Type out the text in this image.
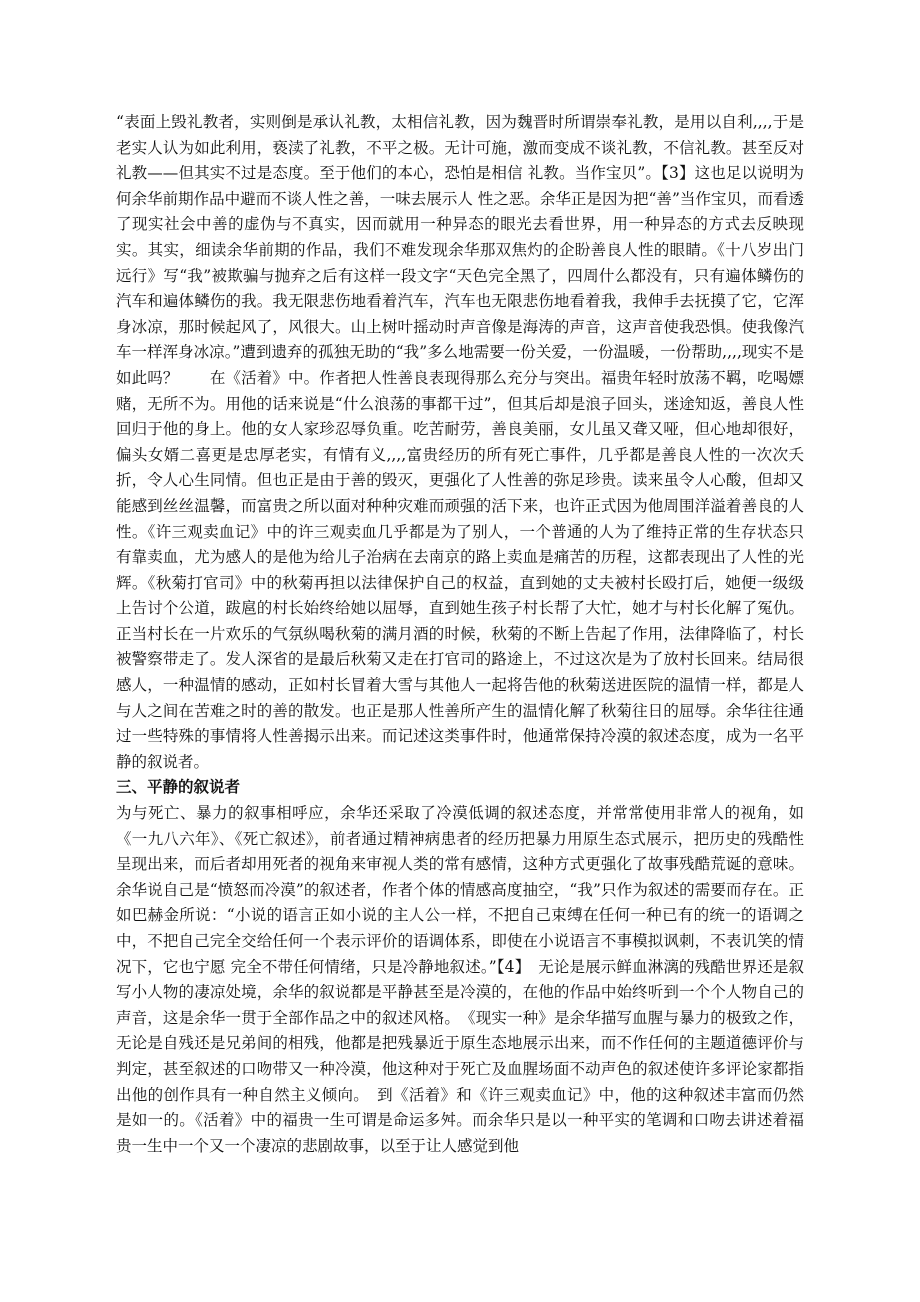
“表面上毁礼教者，实则倒是承认礼教，太相信礼教，因为魏晋时所谓崇奉礼教，是用以自利,,,,于是老实人认为如此利用，亵渎了礼教，不平之极。无计可施，激而变成不谈礼教，不信礼教。甚至反对礼教——但其实不过是态度。至于他们的本心，恐怕是相信 礼教。当作宝贝”。【3】这也足以说明为何余华前期作品中避而不谈人性之善，一味去展示人 性之恶。余华正是因为把“善”当作宝贝，而看透了现实社会中善的虚伪与不真实，因而就用一种异态的眼光去看世界，用一种异态的方式去反映现实。其实，细读余华前期的作品，我们不难发现余华那双焦灼的企盼善良人性的眼睛。《十八岁出门远行》写“我”被欺骗与抛弃之后有这样一段文字“天色完全黑了，四周什么都没有，只有遍体鳞伤的汽车和遍体鳞伤的我。我无限悲伤地看着汽车，汽车也无限悲伤地看着我，我伸手去抚摸了它，它浑身冰凉，那时候起风了，风很大。山上树叶摇动时声音像是海涛的声音，这声音使我恐惧。使我像汽车一样浑身冰凉。”遭到遗弃的孤独无助的“我”多么地需要一份关爱，一份温暖，一份帮助,,,,现实不是如此吗？　　在《活着》中。作者把人性善良表现得那么充分与突出。福贵年轻时放荡不羁，吃喝嫖赌，无所不为。用他的话来说是“什么浪荡的事都干过”，但其后却是浪子回头，迷途知返，善良人性回归于他的身上。他的女人家珍忍辱负重。吃苦耐劳，善良美丽，女儿虽又聋又哑，但心地却很好，偏头女婿二喜更是忠厚老实，有情有义,,,,富贵经历的所有死亡事件，几乎都是善良人性的一次次夭折，令人心生同情。但也正是由于善的毁灭，更强化了人性善的弥足珍贵。读来虽令人心酸，但却又能感到丝丝温馨，而富贵之所以面对种种灾难而顽强的活下来，也许正式因为他周围洋溢着善良的人性。《许三观卖血记》中的许三观卖血几乎都是为了别人，一个普通的人为了维持正常的生存状态只有靠卖血，尤为感人的是他为给儿子治病在去南京的路上卖血是痛苦的历程，这都表现出了人性的光辉。《秋菊打官司》中的秋菊再担以法律保护自己的权益，直到她的丈夫被村长殴打后，她便一级级上告讨个公道，跋扈的村长始终给她以屈辱，直到她生孩子村长帮了大忙，她才与村长化解了冤仇。正当村长在一片欢乐的气氛纵喝秋菊的满月酒的时候，秋菊的不断上告起了作用，法律降临了，村长被警察带走了。发人深省的是最后秋菊又走在打官司的路途上，不过这次是为了放村长回来。结局很感人，一种温情的感动，正如村长冒着大雪与其他人一起将告他的秋菊送进医院的温情一样，都是人与人之间在苦难之时的善的散发。也正是那人性善所产生的温情化解了秋菊往日的屈辱。余华往往通过一些特殊的事情将人性善揭示出来。而记述这类事件时，他通常保持冷漠的叙述态度，成为一名平静的叙说者。

三、平静的叙说者

为与死亡、暴力的叙事相呼应，余华还采取了冷漠低调的叙述态度，并常常使用非常人的视角，如《一九八六年》、《死亡叙述》，前者通过精神病患者的经历把暴力用原生态式展示，把历史的残酷性呈现出来，而后者却用死者的视角来审视人类的常有感情，这种方式更强化了故事残酷荒诞的意味。余华说自己是“愤怒而冷漠”的叙述者，作者个体的情感高度抽空，“我”只作为叙述的需要而存在。正如巴赫金所说：“小说的语言正如小说的主人公一样，不把自己束缚在任何一种已有的统一的语调之中，不把自己完全交给任何一个表示评价的语调体系，即使在小说语言不事模拟讽刺，不表讥笑的情况下，它也宁愿 完全不带任何情绪，只是冷静地叙述。”【4】　无论是展示鲜血淋漓的残酷世界还是叙写小人物的凄凉处境，余华的叙说都是平静甚至是冷漠的，在他的作品中始终听到一个个人物自己的声音，这是余华一贯于全部作品之中的叙述风格。　《现实一种》是余华描写血腥与暴力的极致之作，无论是自残还是兄弟间的相残，他都是把残暴近于原生态地展示出来，而不作任何的主题道德评价与判定，甚至叙述的口吻带又一种冷漠，他这种对于死亡及血腥场面不动声色的叙述使许多评论家都指出他的创作具有一种自然主义倾向。　到《活着》和《许三观卖血记》中，他的这种叙述丰富而仍然是如一的。《活着》中的福贵一生可谓是命运多舛。而余华只是以一种平实的笔调和口吻去讲述着福贵一生中一个又一个凄凉的悲剧故事，以至于让人感觉到他
